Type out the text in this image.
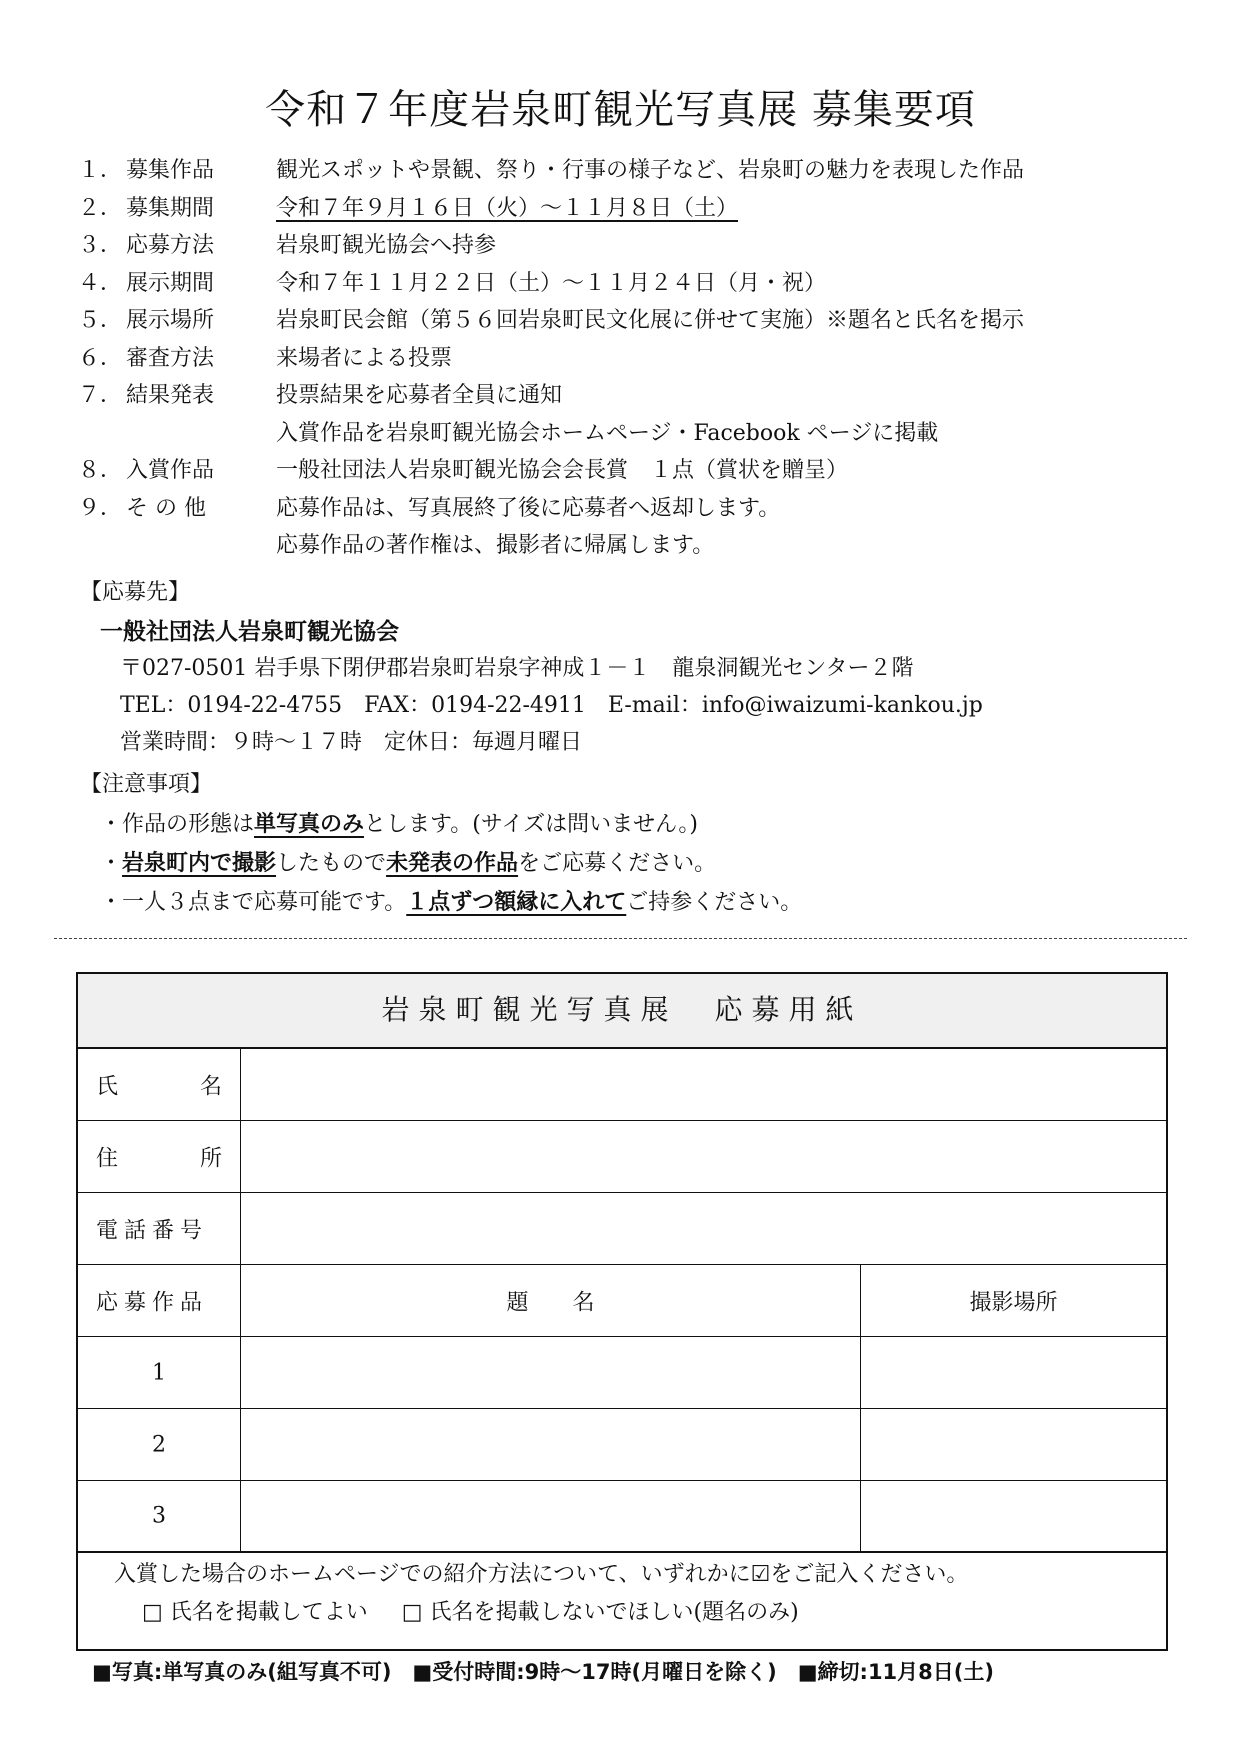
令和７年度岩泉町観光写真展 募集要項
１． 募集作品	観光スポットや景観、祭り・行事の様子など、岩泉町の魅力を表現した作品
２． 募集期間	令和７年９月１６日（火）～１１月８日（土）
３． 応募方法	岩泉町観光協会へ持参
４． 展示期間	令和７年１１月２２日（土）～１１月２４日（月・祝）
５． 展示場所	岩泉町民会館（第５６回岩泉町民文化展に併せて実施）※題名と氏名を掲示
６． 審査方法	来場者による投票
７． 結果発表	投票結果を応募者全員に通知
入賞作品を岩泉町観光協会ホームページ・Facebook ページに掲載
８． 入賞作品	一般社団法人岩泉町観光協会会長賞　１点（賞状を贈呈）
９． そ の 他	応募作品は、写真展終了後に応募者へ返却します。
応募作品の著作権は、撮影者に帰属します。
【応募先】
一般社団法人岩泉町観光協会
〒027-0501 岩手県下閉伊郡岩泉町岩泉字神成１－１　龍泉洞観光センター２階
TEL：0194-22-4755　FAX：0194-22-4911　E-mail：info@iwaizumi-kankou.jp
営業時間：９時～１７時　定休日：毎週月曜日
【注意事項】
・作品の形態は単写真のみとします。(サイズは問いません。)
・岩泉町内で撮影したもので未発表の作品をご応募ください。
・一人３点まで応募可能です。１点ずつ額縁に入れてご持参ください。
岩泉町観光写真展　応募用紙
氏	名
住	所
電話番号
応募作品	題　　名	撮影場所
1
2
3
入賞した場合のホームページでの紹介方法について、いずれかに☑をご記入ください。
□ 氏名を掲載してよい □ 氏名を掲載しないでほしい(題名のみ)
■写真:単写真のみ(組写真不可)　■受付時間:9時～17時(月曜日を除く)　■締切:11月8日(土)
